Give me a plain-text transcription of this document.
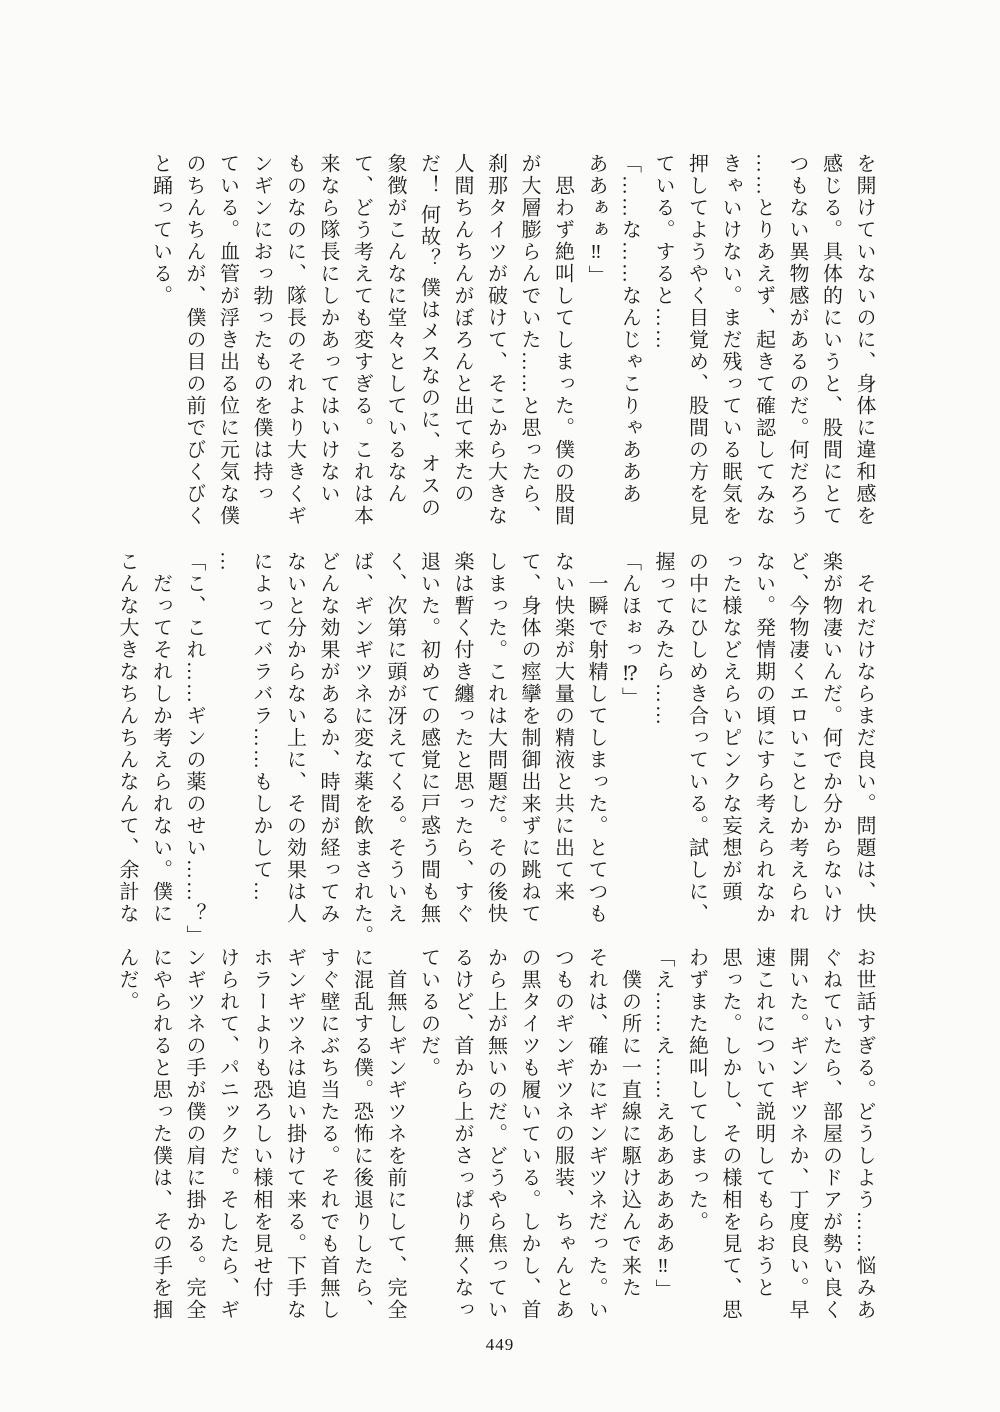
を開けていないのに、身体に違和感を
感じる。具体的にいうと、股間にとて
つもない異物感があるのだ。何だろう
……とりあえず、起きて確認してみな
きゃいけない。まだ残っている眠気を
押してようやく目覚め、股間の方を見
ている。すると……
「……な……なんじゃこりゃあああ
ああぁぁ‼」
　思わず絶叫してしまった。僕の股間
が大層膨らんでいた……と思ったら、
刹那タイツが破けて、そこから大きな
人間ちんちんがぼろんと出て来たの
だ！ 何故？ 僕はメスなのに、オスの
象徴がこんなに堂々としているなん
て、どう考えても変すぎる。これは本
来なら隊長にしかあってはいけない
ものなのに、隊長のそれより大きくギ
ンギンにおっ勃ったものを僕は持っ
ている。血管が浮き出る位に元気な僕
のちんちんが、僕の目の前でびくびく
と踊っている。
　それだけならまだ良い。問題は、快
楽が物凄いんだ。何でか分からないけ
ど、今物凄くエロいことしか考えられ
ない。発情期の頃にすら考えられなか
った様などえらいピンクな妄想が頭
の中にひしめき合っている。試しに、
握ってみたら……
「んほぉっ⁉」
　一瞬で射精してしまった。とてつも
ない快楽が大量の精液と共に出て来
て、身体の痙攣を制御出来ずに跳ねて
しまった。これは大問題だ。その後快
楽は暫く付き纏ったと思ったら、すぐ
退いた。初めての感覚に戸惑う間も無
く、次第に頭が冴えてくる。そういえ
ば、ギンギツネに変な薬を飲まされた。
どんな効果があるか、時間が経ってみ
ないと分からない上に、その効果は人
によってバラバラ……もしかして…
…
「こ、これ……ギンの薬のせい……？」
　だってそれしか考えられない。僕に
こんな大きなちんちんなんて、余計な
お世話すぎる。どうしよう……悩みあ
ぐねていたら、部屋のドアが勢い良く
開いた。ギンギツネか、丁度良い。早
速これについて説明してもらおうと
思った。しかし、その様相を見て、思
わずまた絶叫してしまった。
「え……え……えああああああ‼」
　僕の所に一直線に駆け込んで来た
それは、確かにギンギツネだった。い
つものギンギツネの服装、ちゃんとあ
の黒タイツも履いている。しかし、首
から上が無いのだ。どうやら焦ってい
るけど、首から上がさっぱり無くなっ
ているのだ。
　首無しギンギツネを前にして、完全
に混乱する僕。恐怖に後退りしたら、
すぐ壁にぶち当たる。それでも首無し
ギンギツネは追い掛けて来る。下手な
ホラーよりも恐ろしい様相を見せ付
けられて、パニックだ。そしたら、ギ
ンギツネの手が僕の肩に掛かる。完全
にやられると思った僕は、その手を掴
んだ。
449
